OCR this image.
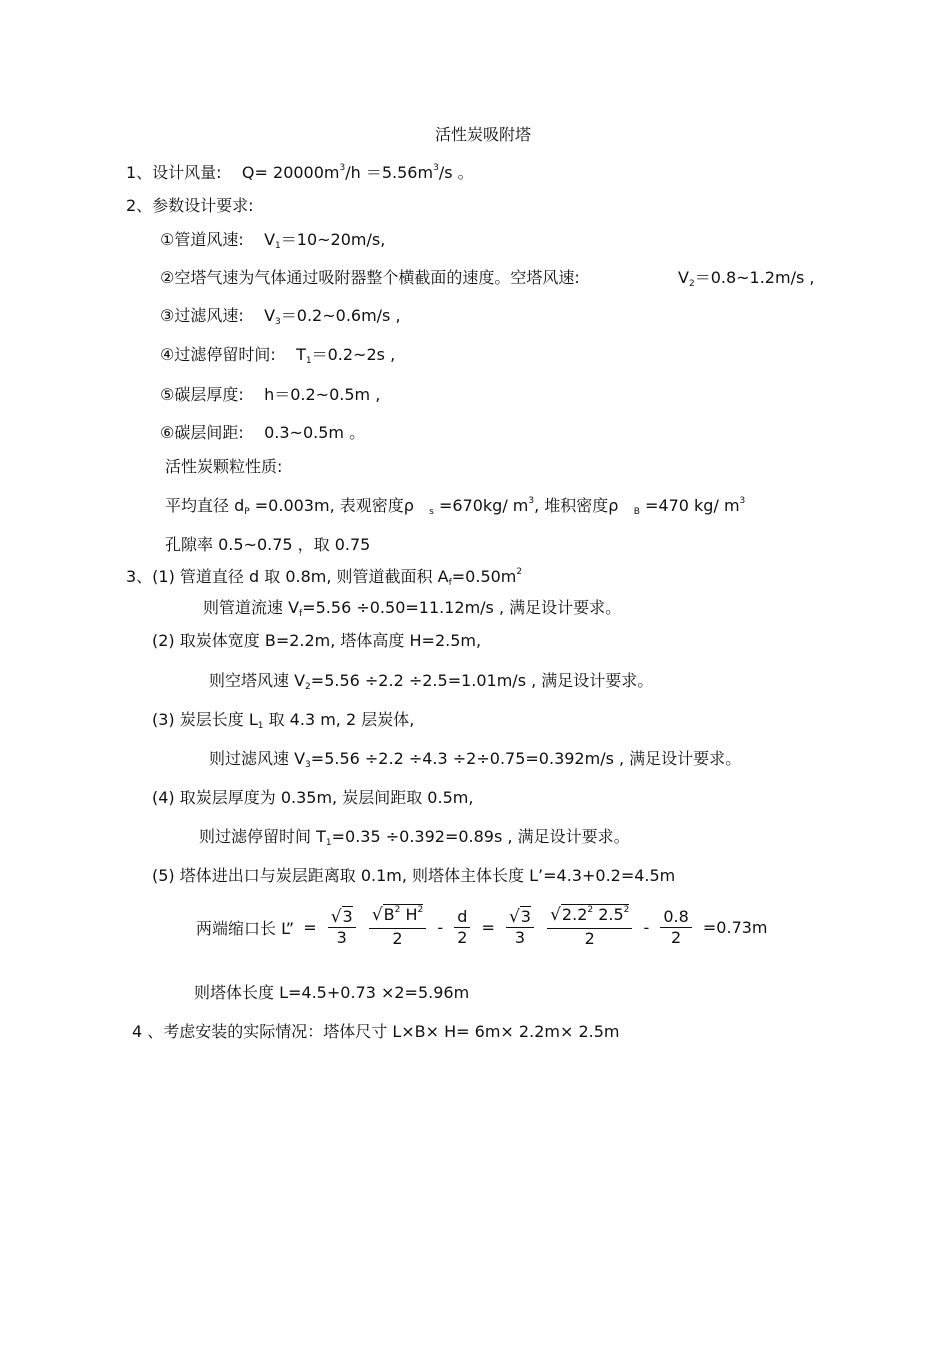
活性炭吸附塔
1、设计风量: $Q= 20000m^3/h =5.56m^3/s$ 。
2、参数设计要求:
①管道风速: V1＝10~20m/s,
②空塔气速为气体通过吸附器整个横截面的速度。空塔风速:	V2＝0.8~1.2m/s ,
③过滤风速: V3＝0.2~0.6m/s ,
④过滤停留时间: T1＝0.2~2s ,
⑤碳层厚度: h＝0.2~0.5m ,
⑥碳层间距: 0.3~0.5m 。
活性炭颗粒性质:
平均直径 dP =0.003m, 表观密度ρ s =670kg/ $m^3$, 堆积密度ρ B =470 kg/ $m^3$
孔隙率 0.5~0.75 ，取 0.75
3、(1) 管道直径 d 取 0.8m, 则管道截面积 $Af=0.50m^2$
则管道流速 Vf=5.56 ÷0.50=11.12m/s , 满足设计要求。
(2) 取炭体宽度 B=2.2m, 塔体高度 H=2.5m,
则空塔风速 V2=5.56 ÷2.2 ÷2.5=1.01m/s , 满足设计要求。
(3) 炭层长度 L1 取 4.3 m, 2 层炭体,
则过滤风速 V3=5.56 ÷2.2 ÷4.3 ÷2÷0.75=0.392m/s , 满足设计要求。
(4) 取炭层厚度为 0.35m, 炭层间距取 0.5m,
则过滤停留时间 T1=0.35 ÷0.392=0.89s , 满足设计要求。
(5) 塔体进出口与炭层距离取 0.1m, 则塔体主体长度 L’=4.3+0.2=4.5m
两端缩口长 L” = $\frac{√3}{3}$
$\frac{√B^2 H^2}{2} - \frac{d}{2} = \frac{√3}{3}$
$\frac{√2.2^2 2.5^2}{2} - \frac{0.8}{2} =0.73m$
则塔体长度 L=4.5+0.73 ×2=5.96m
4 、考虑安装的实际情况：塔体尺寸 L×B× H= 6m× 2.2m× 2.5m
